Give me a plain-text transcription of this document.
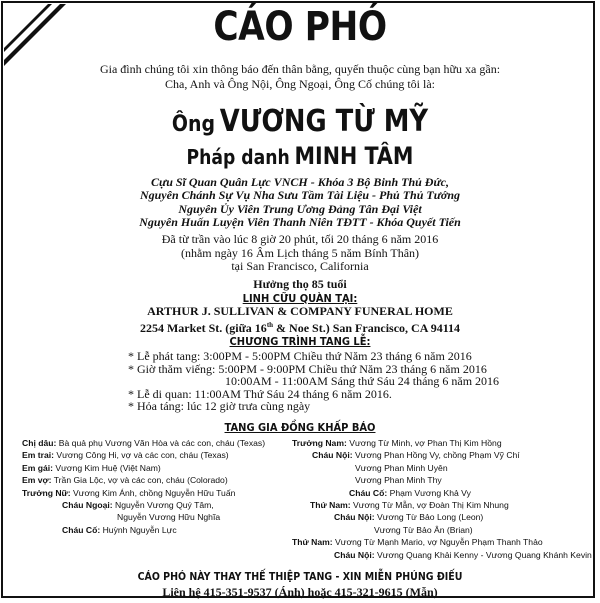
CÁO PHÓ
Gia đình chúng tôi xin thông báo đến thân bằng, quyến thuộc cùng bạn hữu xa gần:
Cha, Anh và Ông Nội, Ông Ngoại, Ông Cố chúng tôi là:
Ông VƯƠNG TỪ MỸ
Pháp danh MINH TÂM
Cựu Sĩ Quan Quân Lực VNCH - Khóa 3 Bộ Binh Thủ Đức,
Nguyên Chánh Sự Vụ Nha Sưu Tầm Tài Liệu - Phủ Thủ Tướng
Nguyên Ủy Viên Trung Ương Đảng Tân Đại Việt
Nguyên Huấn Luyện Viên Thanh Niên TĐTT - Khóa Quyết Tiến
Đã từ trần vào lúc 8 giờ 20 phút, tối 20 tháng 6 năm 2016
(nhằm ngày 16 Âm Lịch tháng 5 năm Bính Thân)
tại San Francisco, California
Hưởng thọ 85 tuổi
LINH CỮU QUÀN TẠI:
ARTHUR J. SULLIVAN & COMPANY FUNERAL HOME
2254 Market St. (giữa 16th & Noe St.) San Francisco, CA 94114
CHƯƠNG TRÌNH TANG LỄ:
* Lễ phát tang: 3:00PM - 5:00PM Chiều thứ Năm 23 tháng 6 năm 2016
* Giờ thăm viếng: 5:00PM - 9:00PM Chiều thứ Năm 23 tháng 6 năm 2016
10:00AM - 11:00AM Sáng thứ Sáu 24 tháng 6 năm 2016
* Lễ di quan: 11:00AM Thứ Sáu 24 tháng 6 năm 2016.
* Hỏa táng: lúc 12 giờ trưa cùng ngày
TANG GIA ĐỒNG KHẤP BÁO
Chị dâu: Bà quả phụ Vương Văn Hòa và các con, cháu (Texas)
Em trai: Vương Công Hi, vợ và các con, cháu (Texas)
Em gái: Vương Kim Huệ (Việt Nam)
Em vợ: Trần Gia Lộc, vợ và các con, cháu (Colorado)
Trưởng Nữ: Vương Kim Ánh, chồng Nguyễn Hữu Tuấn
Cháu Ngoại: Nguyễn Vương Quý Tâm,
Nguyễn Vương Hữu Nghĩa
Cháu Cố: Huỳnh Nguyễn Lực
Trưởng Nam: Vương Từ Minh, vợ Phan Thị Kim Hồng
Cháu Nội: Vương Phan Hồng Vy, chồng Phạm Vỹ Chí
Vương Phan Minh Uyên
Vương Phan Minh Thy
Cháu Cố: Phạm Vương Khả Vy
Thứ Nam: Vương Từ Mẫn, vợ Đoàn Thị Kim Nhung
Cháu Nội: Vương Từ Bảo Long (Leon)
Vương Từ Bảo Ân (Brian)
Thứ Nam: Vương Từ Mạnh Mario, vợ Nguyễn Phạm Thanh Thảo
Cháu Nội: Vương Quang Khải Kenny - Vương Quang Khánh Kevin
CÁO PHÓ NÀY THAY THẾ THIỆP TANG - XIN MIỄN PHÚNG ĐIẾU
Liên hệ 415-351-9537 (Ánh) hoặc 415-321-9615 (Mẫn)
